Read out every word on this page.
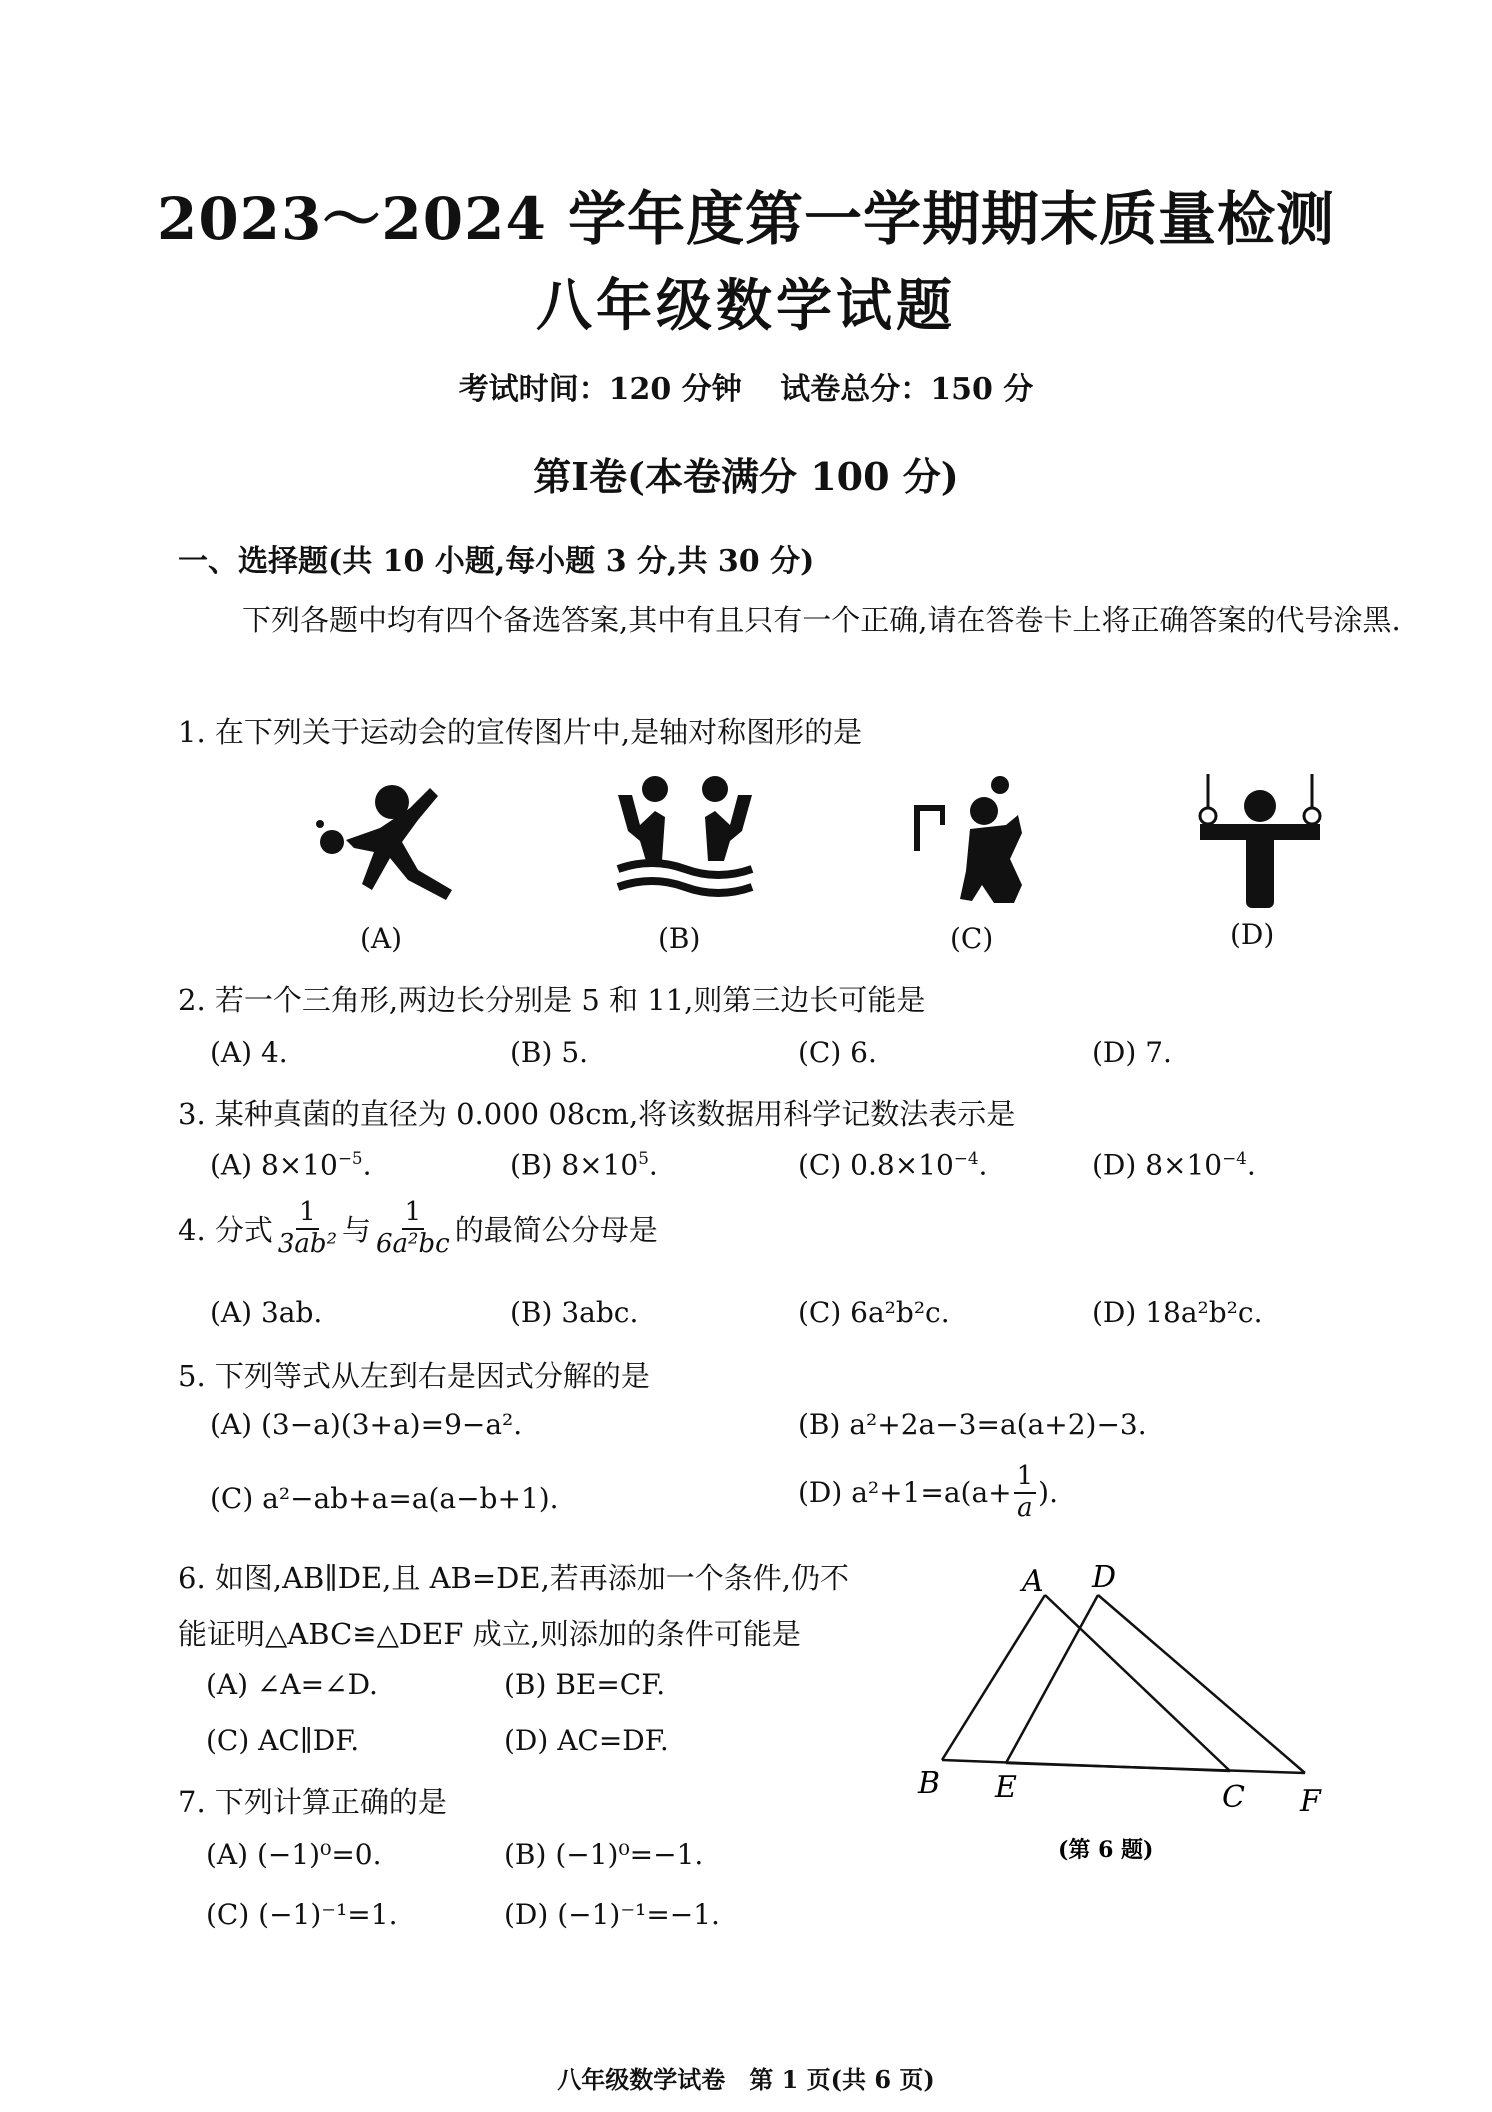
2023～2024 学年度第一学期期末质量检测
八年级数学试题
考试时间：120 分钟 试卷总分：150 分
第Ⅰ卷(本卷满分 100 分)
一、选择题(共 10 小题,每小题 3 分,共 30 分)
下列各题中均有四个备选答案,其中有且只有一个正确,请在答卷卡上将正确答案的代号涂黑.
1. 在下列关于运动会的宣传图片中,是轴对称图形的是
(A)	(B)	(C)	(D)
2. 若一个三角形,两边长分别是 5 和 11,则第三边长可能是
(A) 4.	(B) 5.	(C) 6.	(D) 7.
3. 某种真菌的直径为 0.000 08cm,将该数据用科学记数法表示是
(A) $8\times 10^{-5}$.	(B) $8\times 10^5$.	(C) $0.8\times 10^{-4}$.	(D) $8\times 10^{-4}$.
4. 分式 $\frac{1}{\text{3ab²}}$ 与 $\frac{1}{\text{6a²bc}}$ 的最简公分母是
(A) 3ab.	(B) 3abc.	(C) 6a²b²c.	(D) 18a²b²c.
5. 下列等式从左到右是因式分解的是
(A) (3−a)(3+a)=9−a².	(B) a²+2a−3=a(a+2)−3.
(C) a²−ab+a=a(a−b+1).	(D) $a^2+1=a(a+ \frac{1}{a}$ ).
6. 如图,AB∥DE,且 AB=DE,若再添加一个条件,仍不
能证明△ABC≌△DEF 成立,则添加的条件可能是
(A) ∠A=∠D.	(B) BE=CF.
(C) AC∥DF.	(D) AC=DF.
A D
B E	C F
(第 6 题)
7. 下列计算正确的是
(A) (−1)⁰=0.	(B) (−1)⁰=−1.
(C) (−1)⁻¹=1.	(D) (−1)⁻¹=−1.
八年级数学试卷　第 1 页(共 6 页)
